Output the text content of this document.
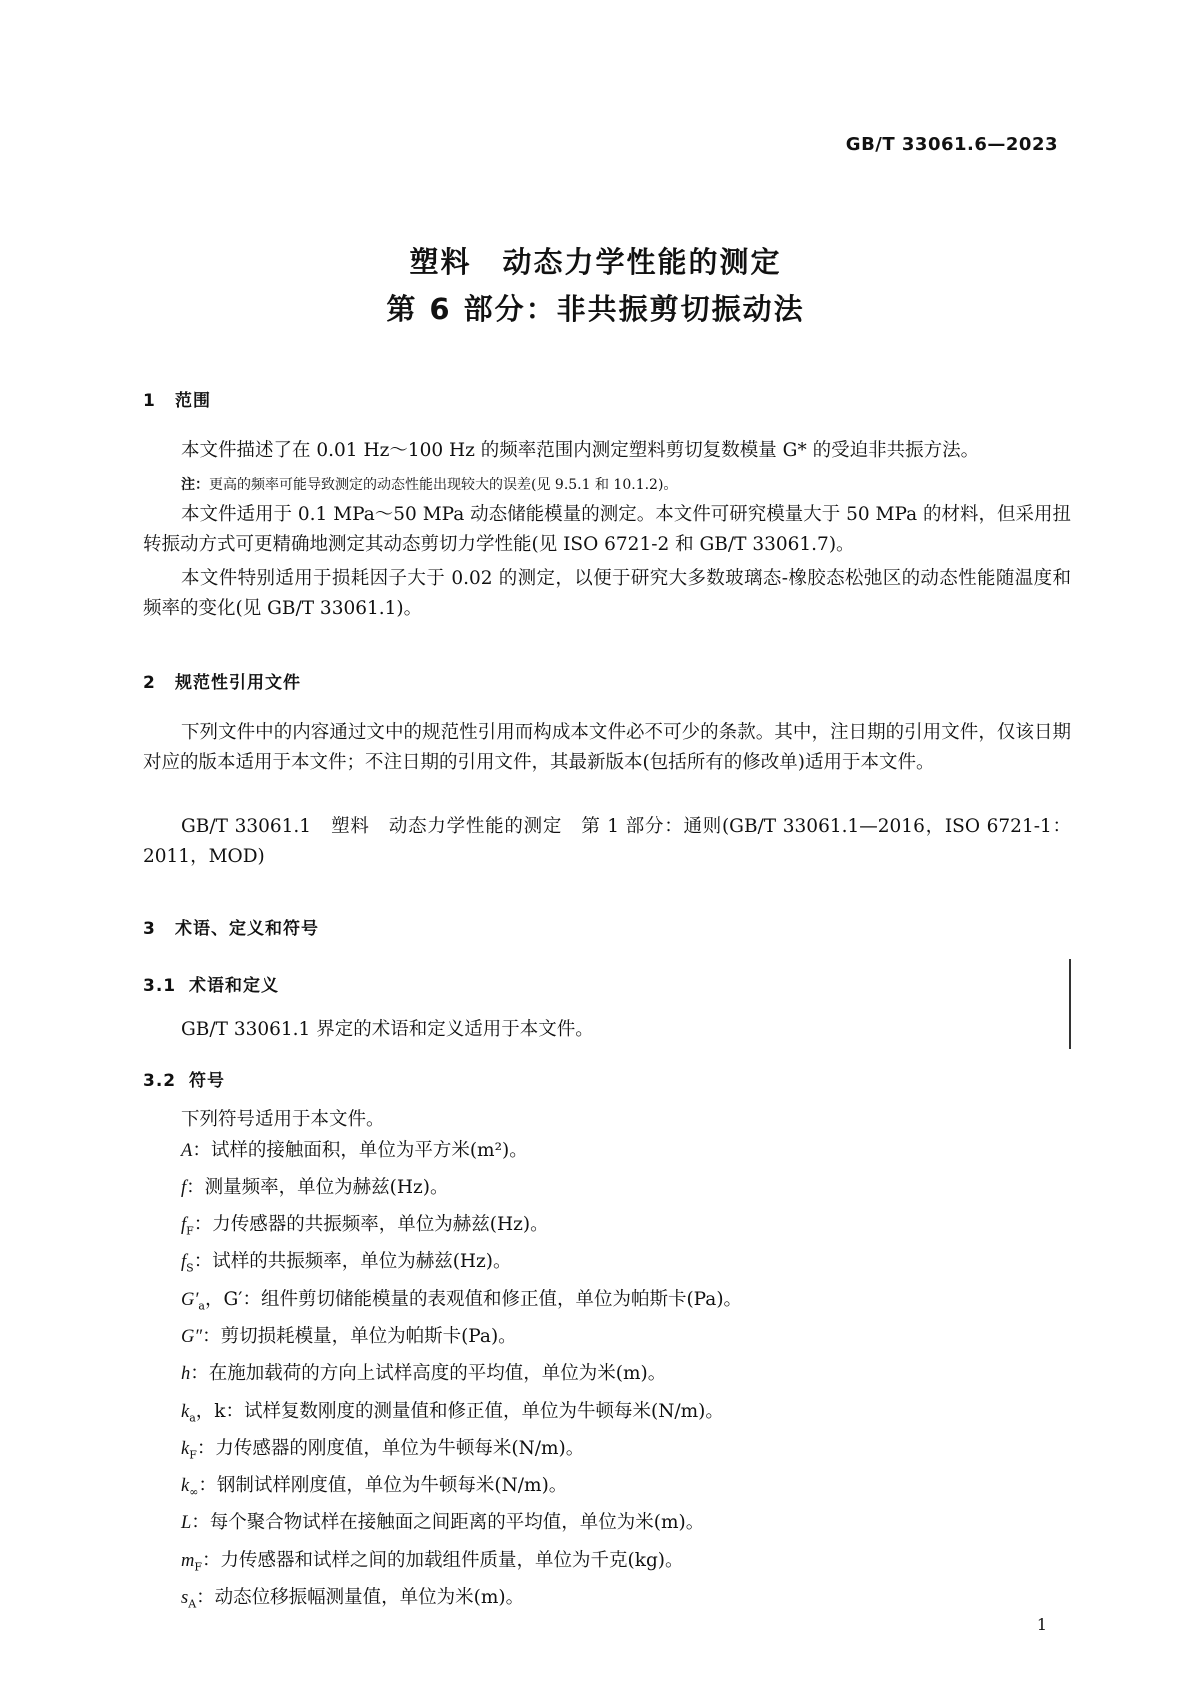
GB/T 33061.6—2023
塑料　动态力学性能的测定
第 6 部分：非共振剪切振动法
1 范围
本文件描述了在 0.01 Hz～100 Hz 的频率范围内测定塑料剪切复数模量 G* 的受迫非共振方法。
注：更高的频率可能导致测定的动态性能出现较大的误差(见 9.5.1 和 10.1.2)。
本文件适用于 0.1 MPa～50 MPa 动态储能模量的测定。本文件可研究模量大于 50 MPa 的材料，但采用扭转振动方式可更精确地测定其动态剪切力学性能(见 ISO 6721-2 和 GB/T 33061.7)。
本文件特别适用于损耗因子大于 0.02 的测定，以便于研究大多数玻璃态-橡胶态松弛区的动态性能随温度和频率的变化(见 GB/T 33061.1)。
2 规范性引用文件
下列文件中的内容通过文中的规范性引用而构成本文件必不可少的条款。其中，注日期的引用文件，仅该日期对应的版本适用于本文件；不注日期的引用文件，其最新版本(包括所有的修改单)适用于本文件。
GB/T 33061.1　塑料　动态力学性能的测定　第 1 部分：通则(GB/T 33061.1—2016，ISO 6721-1：2011，MOD)
3 术语、定义和符号
3.1 术语和定义
GB/T 33061.1 界定的术语和定义适用于本文件。
3.2 符号
下列符号适用于本文件。
A：试样的接触面积，单位为平方米(m²)。
f：测量频率，单位为赫兹(Hz)。
$f_F$：力传感器的共振频率，单位为赫兹(Hz)。
$f_S$：试样的共振频率，单位为赫兹(Hz)。
$G'_a$，G′：组件剪切储能模量的表观值和修正值，单位为帕斯卡(Pa)。
G″：剪切损耗模量，单位为帕斯卡(Pa)。
h：在施加载荷的方向上试样高度的平均值，单位为米(m)。
$k_a$，k：试样复数刚度的测量值和修正值，单位为牛顿每米(N/m)。
$k_F$：力传感器的刚度值，单位为牛顿每米(N/m)。
$k_\infty$：钢制试样刚度值，单位为牛顿每米(N/m)。
L：每个聚合物试样在接触面之间距离的平均值，单位为米(m)。
$m_F$：力传感器和试样之间的加载组件质量，单位为千克(kg)。
$s_A$：动态位移振幅测量值，单位为米(m)。
1
